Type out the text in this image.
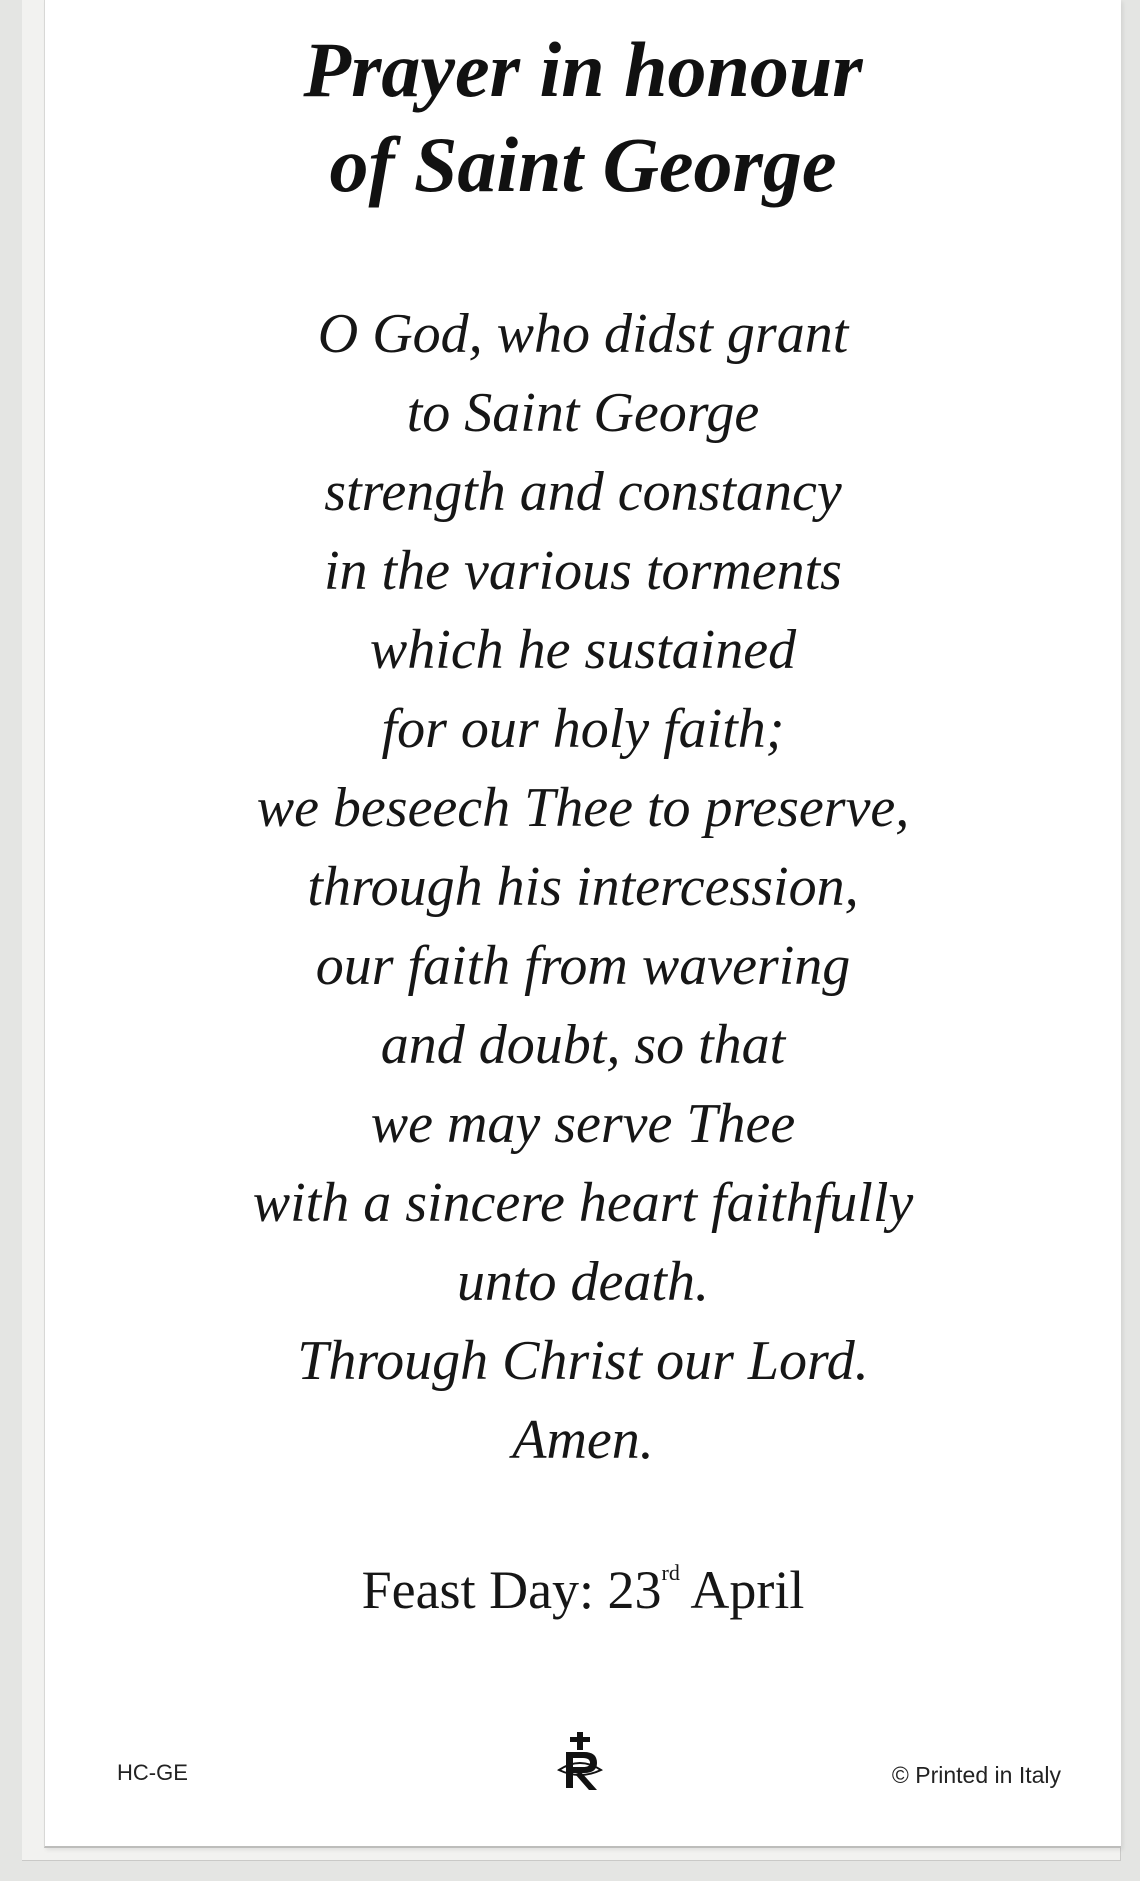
Prayer in honour
of Saint George
O God, who didst grant
to Saint George
strength and constancy
in the various torments
which he sustained
for our holy faith;
we beseech Thee to preserve,
through his intercession,
our faith from wavering
and doubt, so that
we may serve Thee
with a sincere heart faithfully
unto death.
Through Christ our Lord.
Amen.
Feast Day: 23rd April
HC-GE	© Printed in Italy
